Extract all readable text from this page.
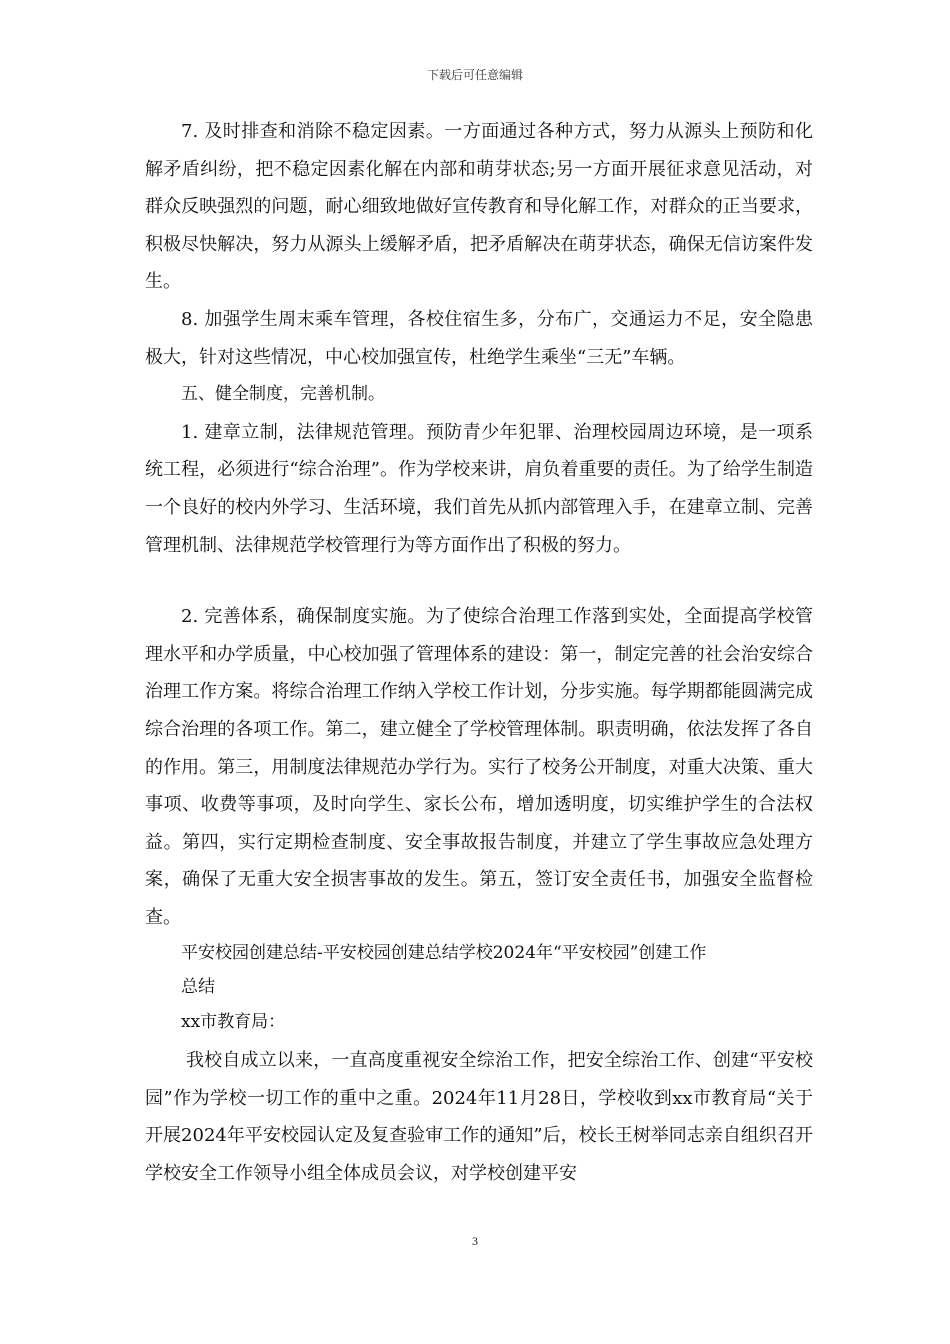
下载后可任意编辑

7. 及时排查和消除不稳定因素。一方面通过各种方式，努力从源头上预防和化解矛盾纠纷，把不稳定因素化解在内部和萌芽状态;另一方面开展征求意见活动，对群众反映强烈的问题，耐心细致地做好宣传教育和导化解工作，对群众的正当要求，积极尽快解决，努力从源头上缓解矛盾，把矛盾解决在萌芽状态，确保无信访案件发生。

8. 加强学生周末乘车管理，各校住宿生多，分布广，交通运力不足，安全隐患极大，针对这些情况，中心校加强宣传，杜绝学生乘坐“三无”车辆。

五、健全制度，完善机制。

1. 建章立制，法律规范管理。预防青少年犯罪、治理校园周边环境，是一项系统工程，必须进行“综合治理”。作为学校来讲，肩负着重要的责任。为了给学生制造一个良好的校内外学习、生活环境，我们首先从抓内部管理入手，在建章立制、完善管理机制、法律规范学校管理行为等方面作出了积极的努力。

2. 完善体系，确保制度实施。为了使综合治理工作落到实处，全面提高学校管理水平和办学质量，中心校加强了管理体系的建设：第一，制定完善的社会治安综合治理工作方案。将综合治理工作纳入学校工作计划，分步实施。每学期都能圆满完成综合治理的各项工作。第二，建立健全了学校管理体制。职责明确，依法发挥了各自的作用。第三，用制度法律规范办学行为。实行了校务公开制度，对重大决策、重大事项、收费等事项，及时向学生、家长公布，增加透明度，切实维护学生的合法权益。第四，实行定期检查制度、安全事故报告制度，并建立了学生事故应急处理方案，确保了无重大安全损害事故的发生。第五，签订安全责任书，加强安全监督检查。

平安校园创建总结-平安校园创建总结学校2024年“平安校园”创建工作
总结

xx市教育局：

我校自成立以来，一直高度重视安全综治工作，把安全综治工作、创建“平安校园”作为学校一切工作的重中之重。2024年11月28日，学校收到xx市教育局“关于开展2024年平安校园认定及复查验审工作的通知”后，校长王树举同志亲自组织召开学校安全工作领导小组全体成员会议，对学校创建平安

3
